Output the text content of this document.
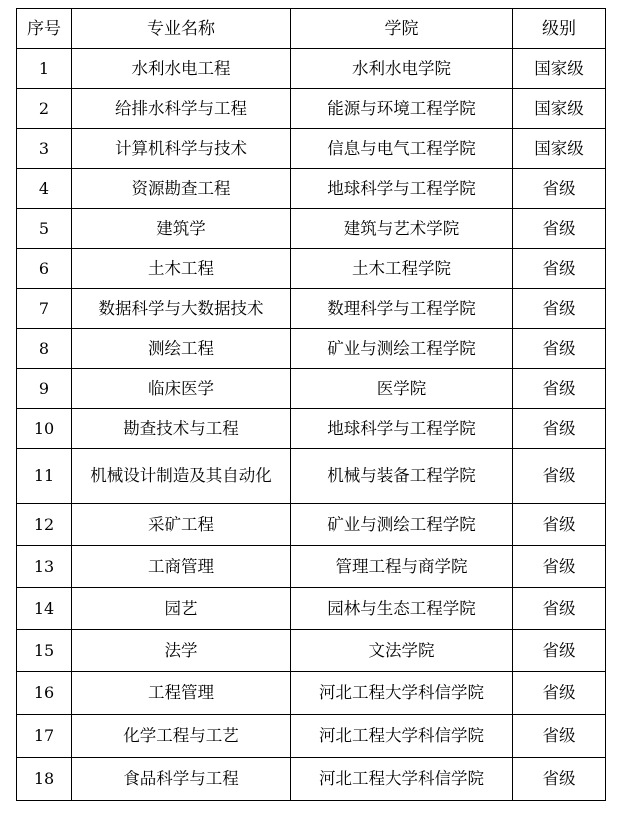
序号	专业名称	学院	级别
1	水利水电工程	水利水电学院	国家级
2	给排水科学与工程	能源与环境工程学院	国家级
3	计算机科学与技术	信息与电气工程学院	国家级
4	资源勘查工程	地球科学与工程学院	省级
5	建筑学	建筑与艺术学院	省级
6	土木工程	土木工程学院	省级
7	数据科学与大数据技术	数理科学与工程学院	省级
8	测绘工程	矿业与测绘工程学院	省级
9	临床医学	医学院	省级
10	勘查技术与工程	地球科学与工程学院	省级
11	机械设计制造及其自动化	机械与装备工程学院	省级
12	采矿工程	矿业与测绘工程学院	省级
13	工商管理	管理工程与商学院	省级
14	园艺	园林与生态工程学院	省级
15	法学	文法学院	省级
16	工程管理	河北工程大学科信学院	省级
17	化学工程与工艺	河北工程大学科信学院	省级
18	食品科学与工程	河北工程大学科信学院	省级
